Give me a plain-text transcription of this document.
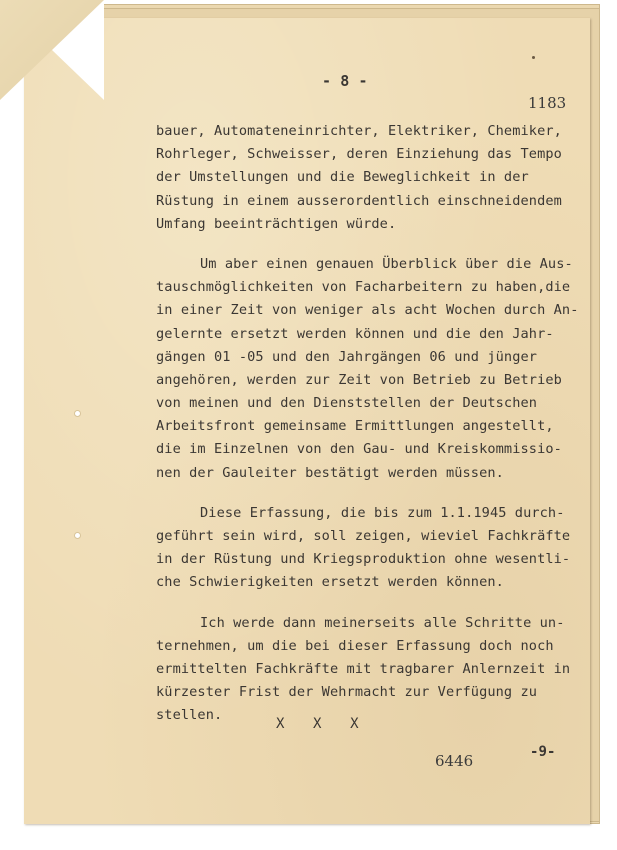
- 8 -
1183
bauer, Automateneinrichter, Elektriker, Chemiker,
Rohrleger, Schweisser, deren Einziehung das Tempo
der Umstellungen und die Beweglichkeit in der
Rüstung in einem ausserordentlich einschneidendem
Umfang beeinträchtigen würde.
Um aber einen genauen Überblick über die Aus-
tauschmöglichkeiten von Facharbeitern zu haben,die
in einer Zeit von weniger als acht Wochen durch An-
gelernte ersetzt werden können und die den Jahr-
gängen 01 -05 und den Jahrgängen 06 und jünger
angehören, werden zur Zeit von Betrieb zu Betrieb
von meinen und den Dienststellen der Deutschen
Arbeitsfront gemeinsame Ermittlungen angestellt,
die im Einzelnen von den Gau- und Kreiskommissio-
nen der Gauleiter bestätigt werden müssen.
Diese Erfassung, die bis zum 1.1.1945 durch-
geführt sein wird, soll zeigen, wieviel Fachkräfte
in der Rüstung und Kriegsproduktion ohne wesentli-
che Schwierigkeiten ersetzt werden können.
Ich werde dann meinerseits alle Schritte un-
ternehmen, um die bei dieser Erfassung doch noch
ermittelten Fachkräfte mit tragbarer Anlernzeit in
kürzester Frist der Wehrmacht zur Verfügung zu
stellen.
X X X
6446	-9-
